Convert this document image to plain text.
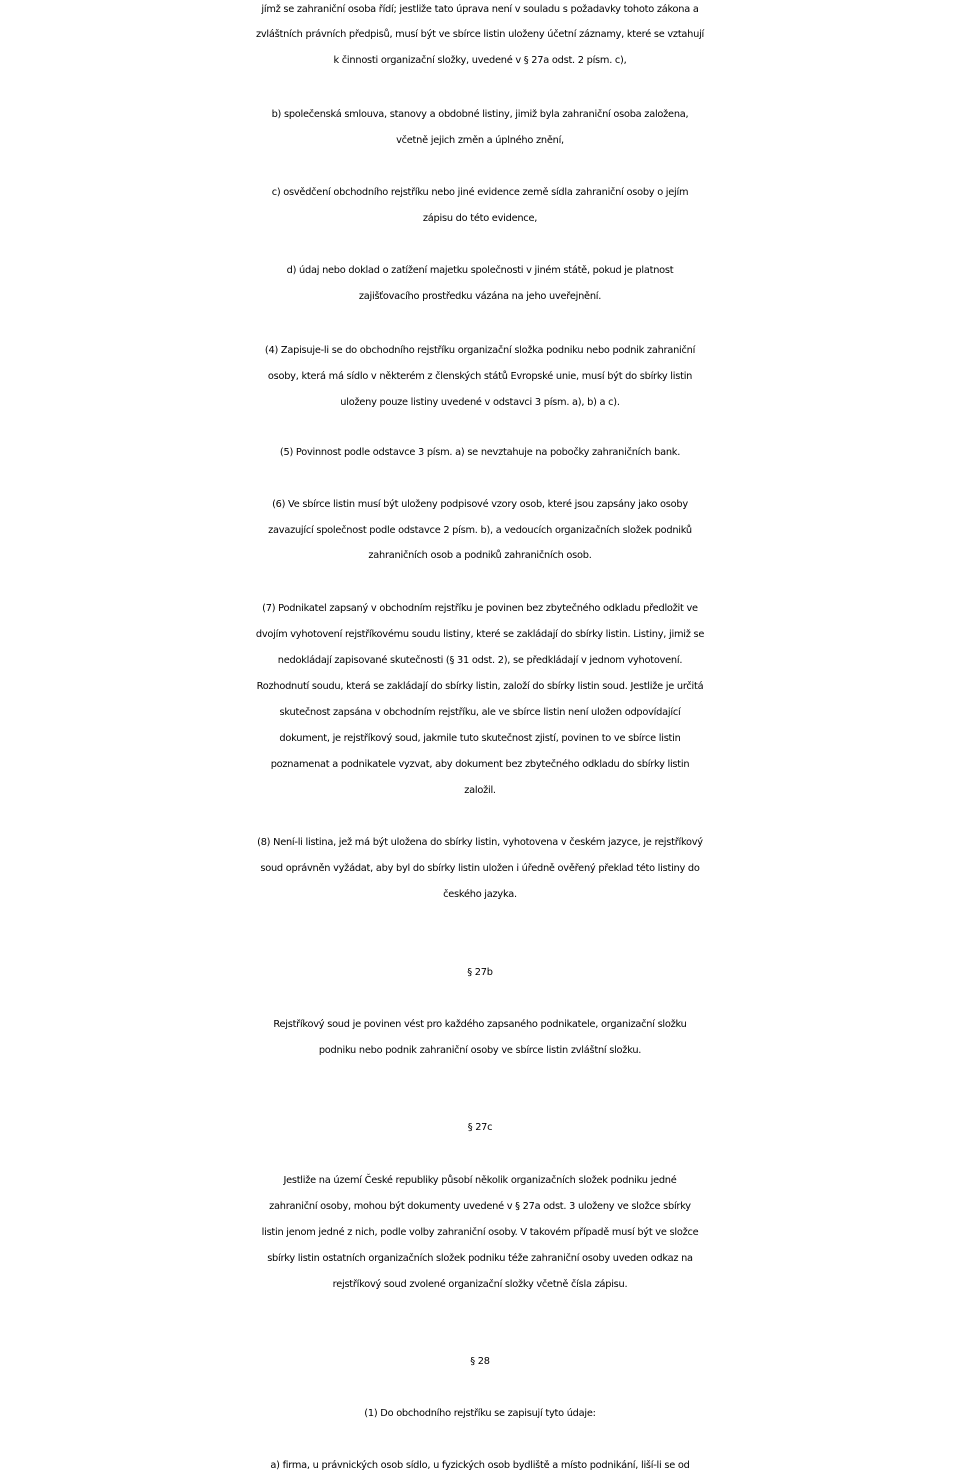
jímž se zahraniční osoba řídí; jestliže tato úprava není v souladu s požadavky tohoto zákona a
zvláštních právních předpisů, musí být ve sbírce listin uloženy účetní záznamy, které se vztahují
k činnosti organizační složky, uvedené v § 27a odst. 2 písm. c),
b) společenská smlouva, stanovy a obdobné listiny, jimiž byla zahraniční osoba založena,
včetně jejich změn a úplného znění,
c) osvědčení obchodního rejstříku nebo jiné evidence země sídla zahraniční osoby o jejím
zápisu do této evidence,
d) údaj nebo doklad o zatížení majetku společnosti v jiném státě, pokud je platnost
zajišťovacího prostředku vázána na jeho uveřejnění.
(4) Zapisuje-li se do obchodního rejstříku organizační složka podniku nebo podnik zahraniční
osoby, která má sídlo v některém z členských států Evropské unie, musí být do sbírky listin
uloženy pouze listiny uvedené v odstavci 3 písm. a), b) a c).
(5) Povinnost podle odstavce 3 písm. a) se nevztahuje na pobočky zahraničních bank.
(6) Ve sbírce listin musí být uloženy podpisové vzory osob, které jsou zapsány jako osoby
zavazující společnost podle odstavce 2 písm. b), a vedoucích organizačních složek podniků
zahraničních osob a podniků zahraničních osob.
(7) Podnikatel zapsaný v obchodním rejstříku je povinen bez zbytečného odkladu předložit ve
dvojím vyhotovení rejstříkovému soudu listiny, které se zakládají do sbírky listin. Listiny, jimiž se
nedokládají zapisované skutečnosti (§ 31 odst. 2), se předkládají v jednom vyhotovení.
Rozhodnutí soudu, která se zakládají do sbírky listin, založí do sbírky listin soud. Jestliže je určitá
skutečnost zapsána v obchodním rejstříku, ale ve sbírce listin není uložen odpovídající
dokument, je rejstříkový soud, jakmile tuto skutečnost zjistí, povinen to ve sbírce listin
poznamenat a podnikatele vyzvat, aby dokument bez zbytečného odkladu do sbírky listin
založil.
(8) Není-li listina, jež má být uložena do sbírky listin, vyhotovena v českém jazyce, je rejstříkový
soud oprávněn vyžádat, aby byl do sbírky listin uložen i úředně ověřený překlad této listiny do
českého jazyka.
§ 27b
Rejstříkový soud je povinen vést pro každého zapsaného podnikatele, organizační složku
podniku nebo podnik zahraniční osoby ve sbírce listin zvláštní složku.
§ 27c
Jestliže na území České republiky působí několik organizačních složek podniku jedné
zahraniční osoby, mohou být dokumenty uvedené v § 27a odst. 3 uloženy ve složce sbírky
listin jenom jedné z nich, podle volby zahraniční osoby. V takovém případě musí být ve složce
sbírky listin ostatních organizačních složek podniku téže zahraniční osoby uveden odkaz na
rejstříkový soud zvolené organizační složky včetně čísla zápisu.
§ 28
(1) Do obchodního rejstříku se zapisují tyto údaje:
a) firma, u právnických osob sídlo, u fyzických osob bydliště a místo podnikání, liší-li se od
